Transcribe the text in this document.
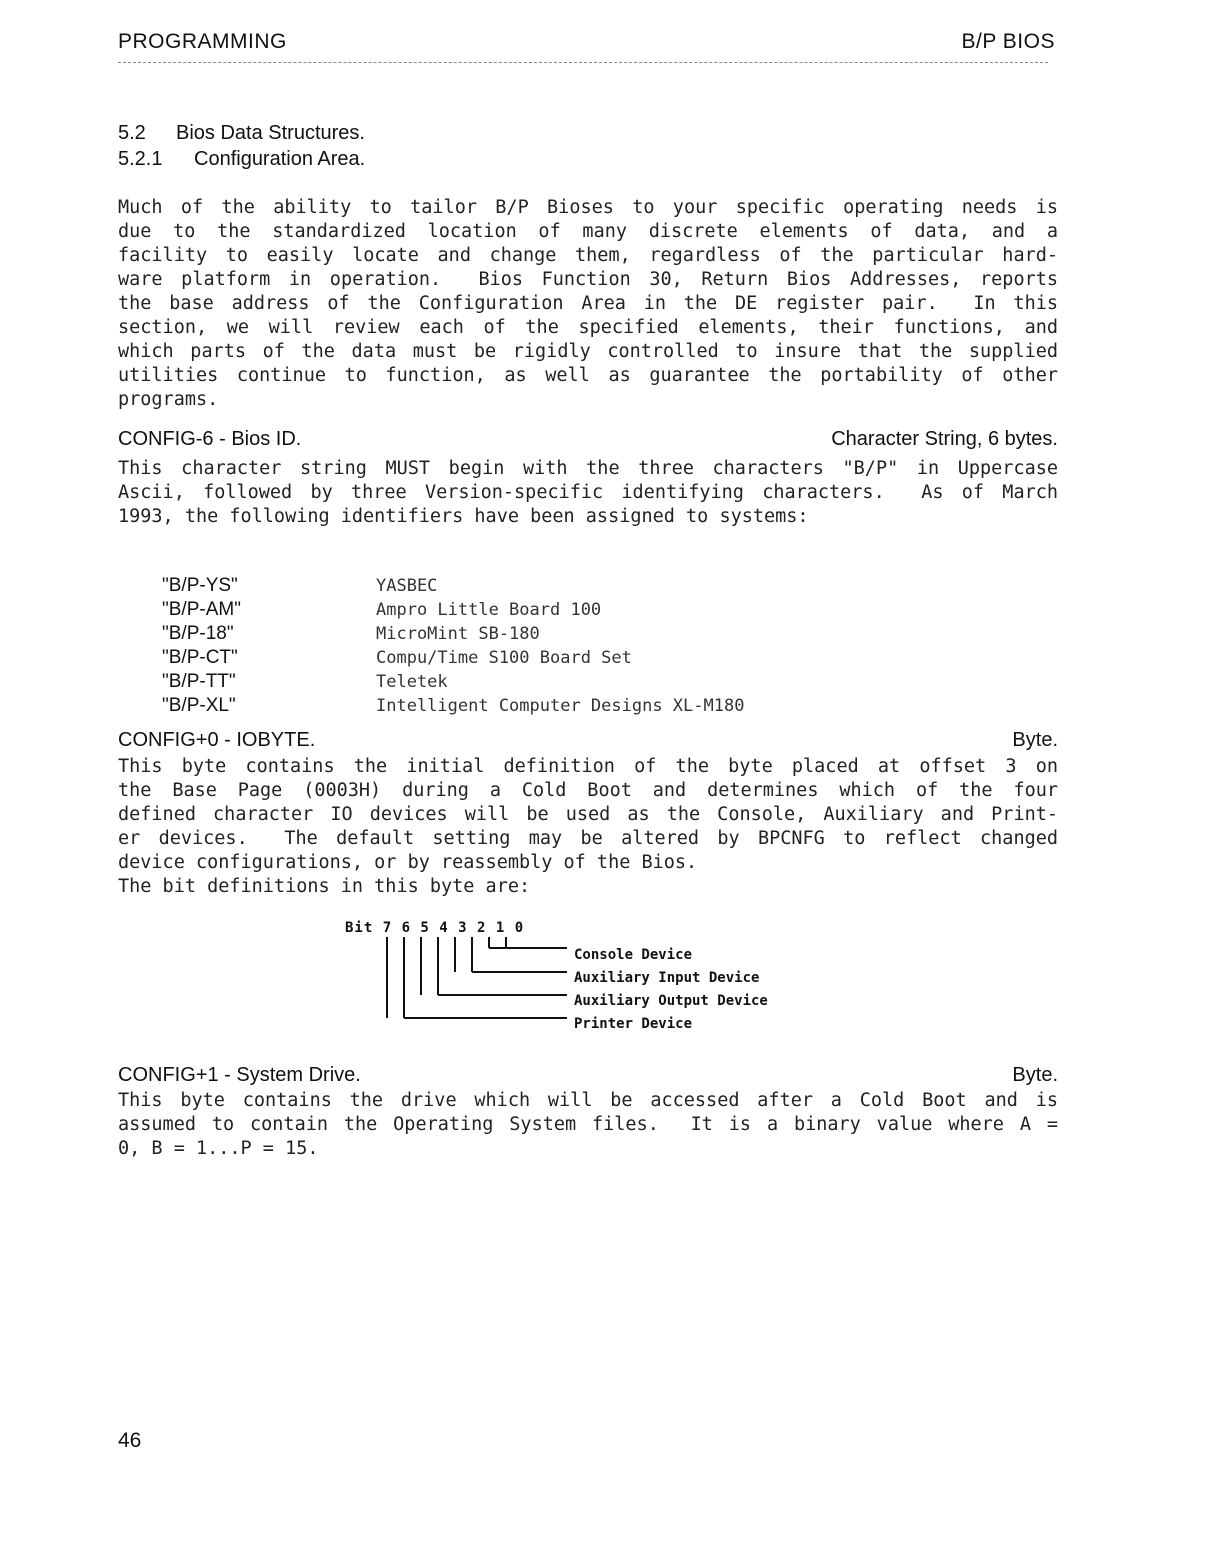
PROGRAMMING	B/P BIOS
5.2 Bios Data Structures.
5.2.1 Configuration Area.
Much of the ability to tailor B/P Bioses to your specific operating needs is
due to the standardized location of many discrete elements of data, and a
facility to easily locate and change them, regardless of the particular hard-
ware platform in operation.  Bios Function 30, Return Bios Addresses, reports
the base address of the Configuration Area in the DE register pair.  In this
section, we will review each of the specified elements, their functions, and
which parts of the data must be rigidly controlled to insure that the supplied
utilities continue to function, as well as guarantee the portability of other
programs.
CONFIG-6 - Bios ID.	Character String, 6 bytes.
This character string MUST begin with the three characters "B/P" in Uppercase
Ascii, followed by three Version-specific identifying characters.  As of March
1993, the following identifiers have been assigned to systems:
"B/P-YS"	YASBEC
"B/P-AM"	Ampro Little Board 100
"B/P-18"	MicroMint SB-180
"B/P-CT"	Compu/Time S100 Board Set
"B/P-TT"	Teletek
"B/P-XL"	Intelligent Computer Designs XL-M180
CONFIG+0 - IOBYTE.	Byte.
This byte contains the initial definition of the byte placed at offset 3 on
the Base Page (0003H) during a Cold Boot and determines which of the four
defined character IO devices will be used as the Console, Auxiliary and Print-
er devices.  The default setting may be altered by BPCNFG to reflect changed
device configurations, or by reassembly of the Bios.
The bit definitions in this byte are:
Bit 7 6 5 4 3 2 1 0
Console Device
Auxiliary Input Device
Auxiliary Output Device
Printer Device
CONFIG+1 - System Drive.	Byte.
This byte contains the drive which will be accessed after a Cold Boot and is
assumed to contain the Operating System files.  It is a binary value where A =
0, B = 1...P = 15.
46
